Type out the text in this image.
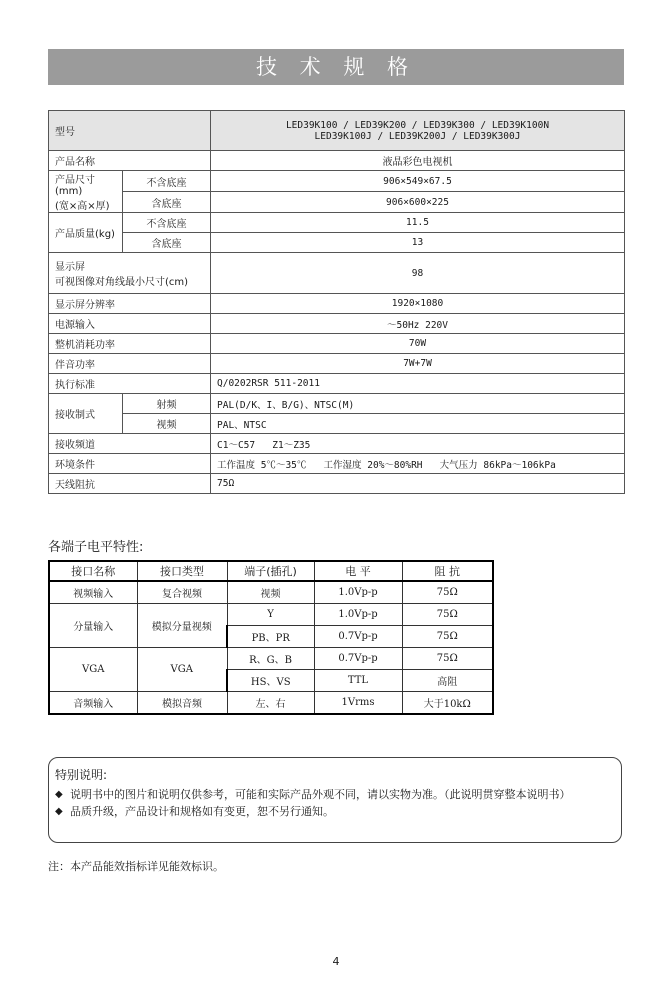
技 术 规 格
型号		LED39K100 / LED39K200 / LED39K300 / LED39K100N
LED39K100J / LED39K200J / LED39K300J

产品名称		液晶彩色电视机

产品尺寸(mm)
(宽×高×厚)	不含底座	906×549×67.5
	含底座	906×600×225
产品质量(kg)	不含底座	11.5
	含底座	13

显示屏
可视图像对角线最小尺寸(cm)		98
显示屏分辨率		1920×1080
电源输入		～50Hz 220V
整机消耗功率		70W
伴音功率		7W+7W
执行标准		Q/0202RSR 511-2011
接收制式	射频	PAL(D/K、I、B/G)、NTSC(M)
	视频	PAL、NTSC
接收频道		C1～C57   Z1～Z35
环境条件		工作温度 5℃～35℃   工作湿度 20%～80%RH   大气压力 86kPa～106kPa
天线阻抗		75Ω
各端子电平特性:
接口名称	接口类型	端子(插孔)	电 平	阻 抗
视频输入	复合视频	视频	1.0Vp-p	75Ω
分量输入	模拟分量视频	Y	1.0Vp-p	75Ω
		PB、PR	0.7Vp-p	75Ω
VGA	VGA	R、G、B	0.7Vp-p	75Ω
		HS、VS	TTL	高阻
音频输入	模拟音频	左、右	1Vrms	大于10kΩ
特别说明:
◆ 说明书中的图片和说明仅供参考，可能和实际产品外观不同，请以实物为准。（此说明贯穿整本说明书）
◆ 品质升级，产品设计和规格如有变更，恕不另行通知。
注：本产品能效指标详见能效标识。
4
